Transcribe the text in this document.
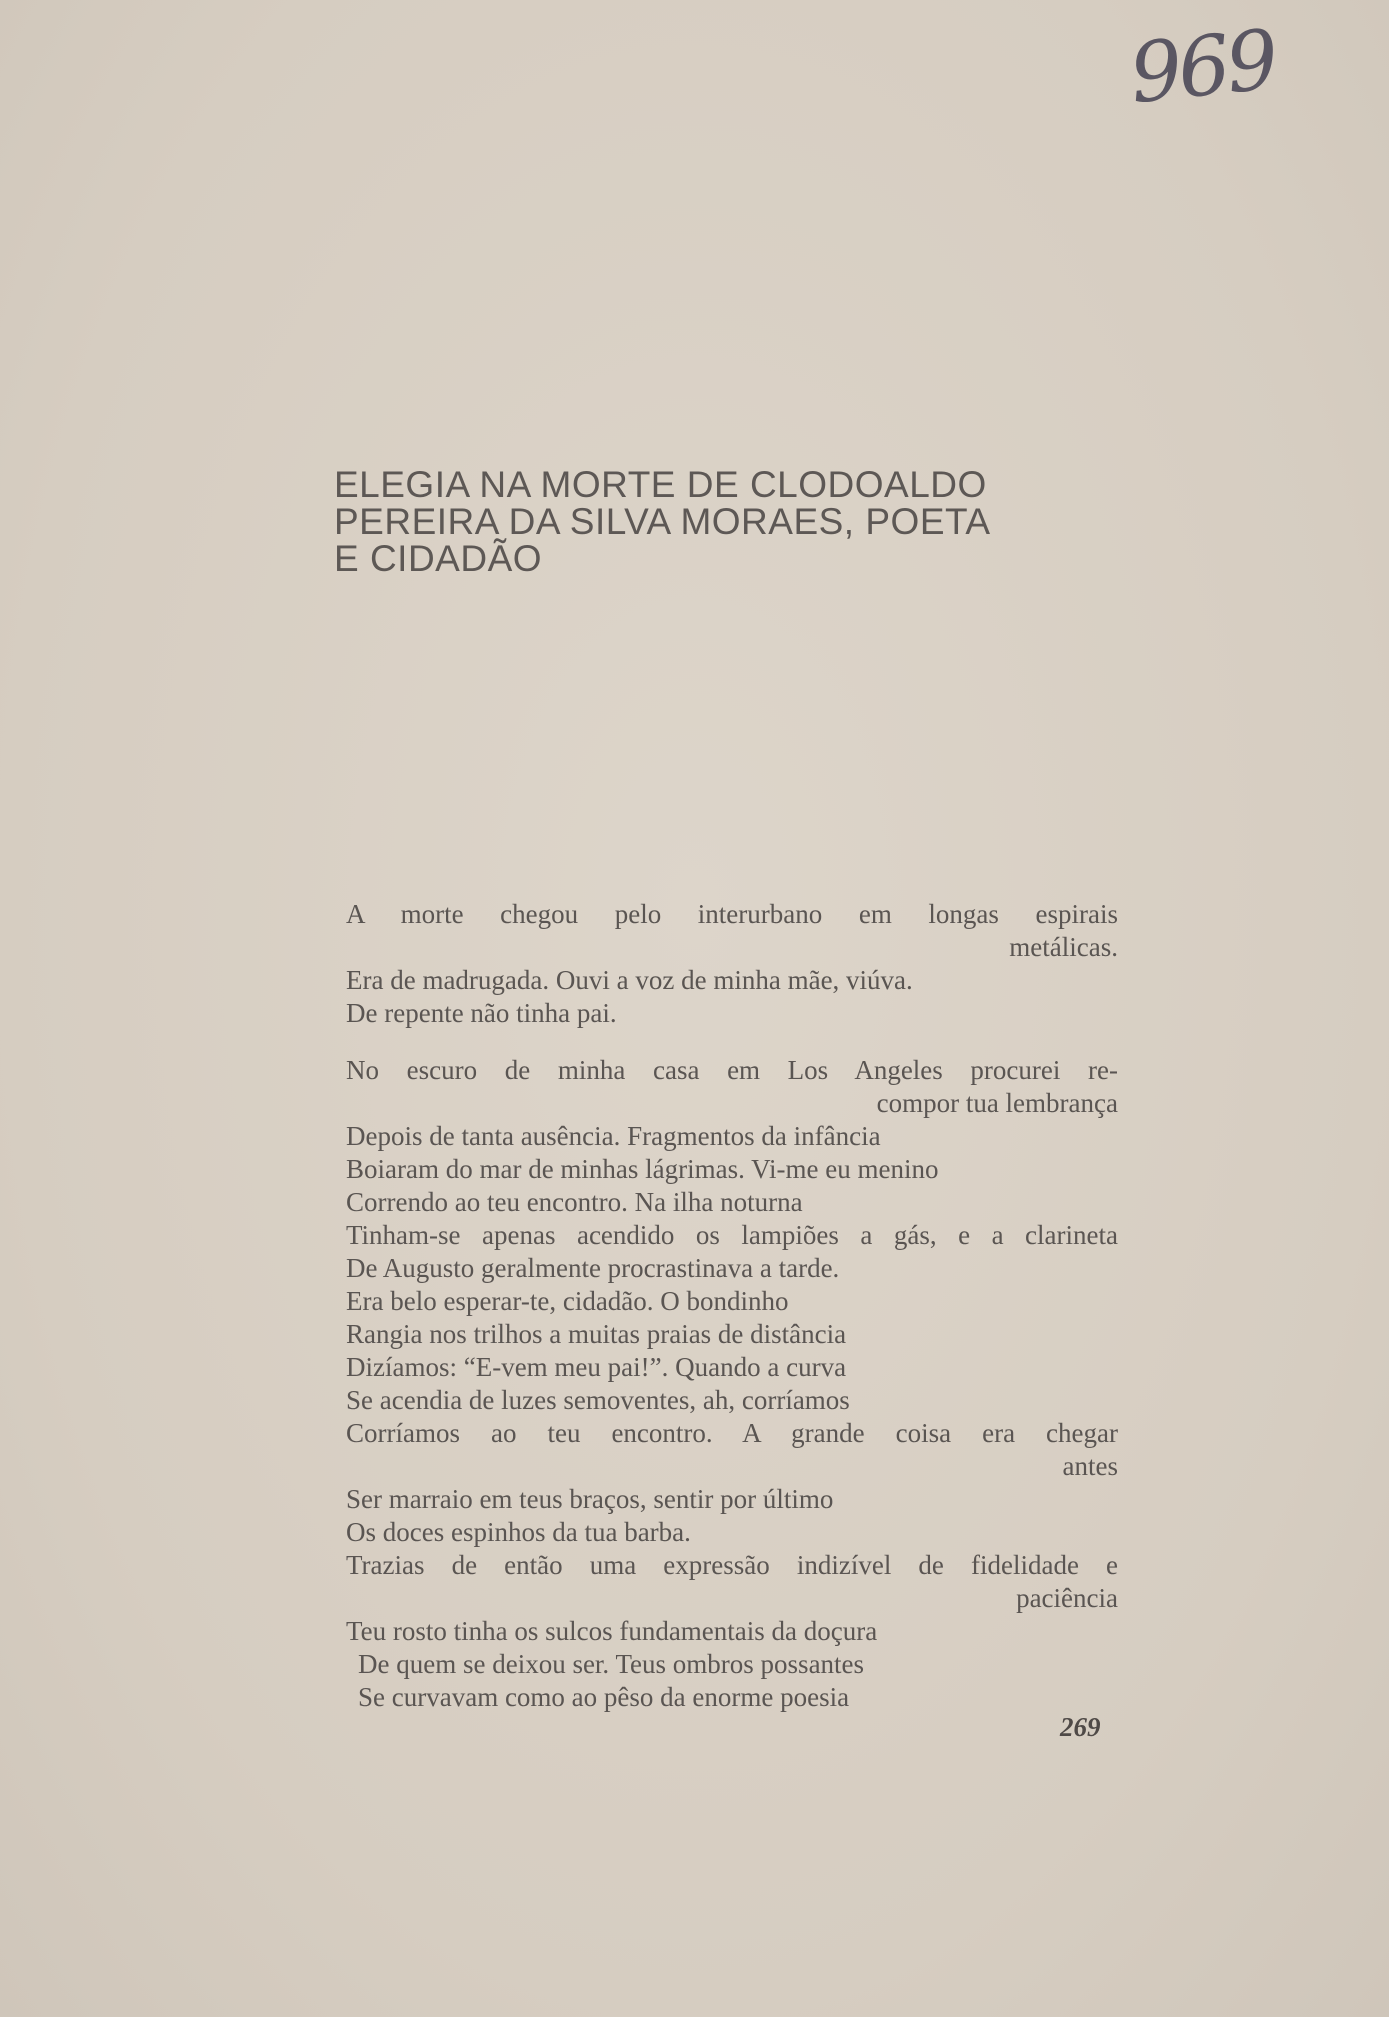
969
ELEGIA NA MORTE DE CLODOALDO
PEREIRA DA SILVA MORAES, POETA
E CIDADÃO
A morte chegou pelo interurbano em longas espirais
metálicas.
Era de madrugada. Ouvi a voz de minha mãe, viúva.
De repente não tinha pai.
No escuro de minha casa em Los Angeles procurei re-
compor tua lembrança
Depois de tanta ausência. Fragmentos da infância
Boiaram do mar de minhas lágrimas. Vi-me eu menino
Correndo ao teu encontro. Na ilha noturna
Tinham-se apenas acendido os lampiões a gás, e a clarineta
De Augusto geralmente procrastinava a tarde.
Era belo esperar-te, cidadão. O bondinho
Rangia nos trilhos a muitas praias de distância
Dizíamos: “E-vem meu pai!”. Quando a curva
Se acendia de luzes semoventes, ah, corríamos
Corríamos ao teu encontro. A grande coisa era chegar
antes
Ser marraio em teus braços, sentir por último
Os doces espinhos da tua barba.
Trazias de então uma expressão indizível de fidelidade e
paciência
Teu rosto tinha os sulcos fundamentais da doçura
De quem se deixou ser. Teus ombros possantes
Se curvavam como ao pêso da enorme poesia
269
